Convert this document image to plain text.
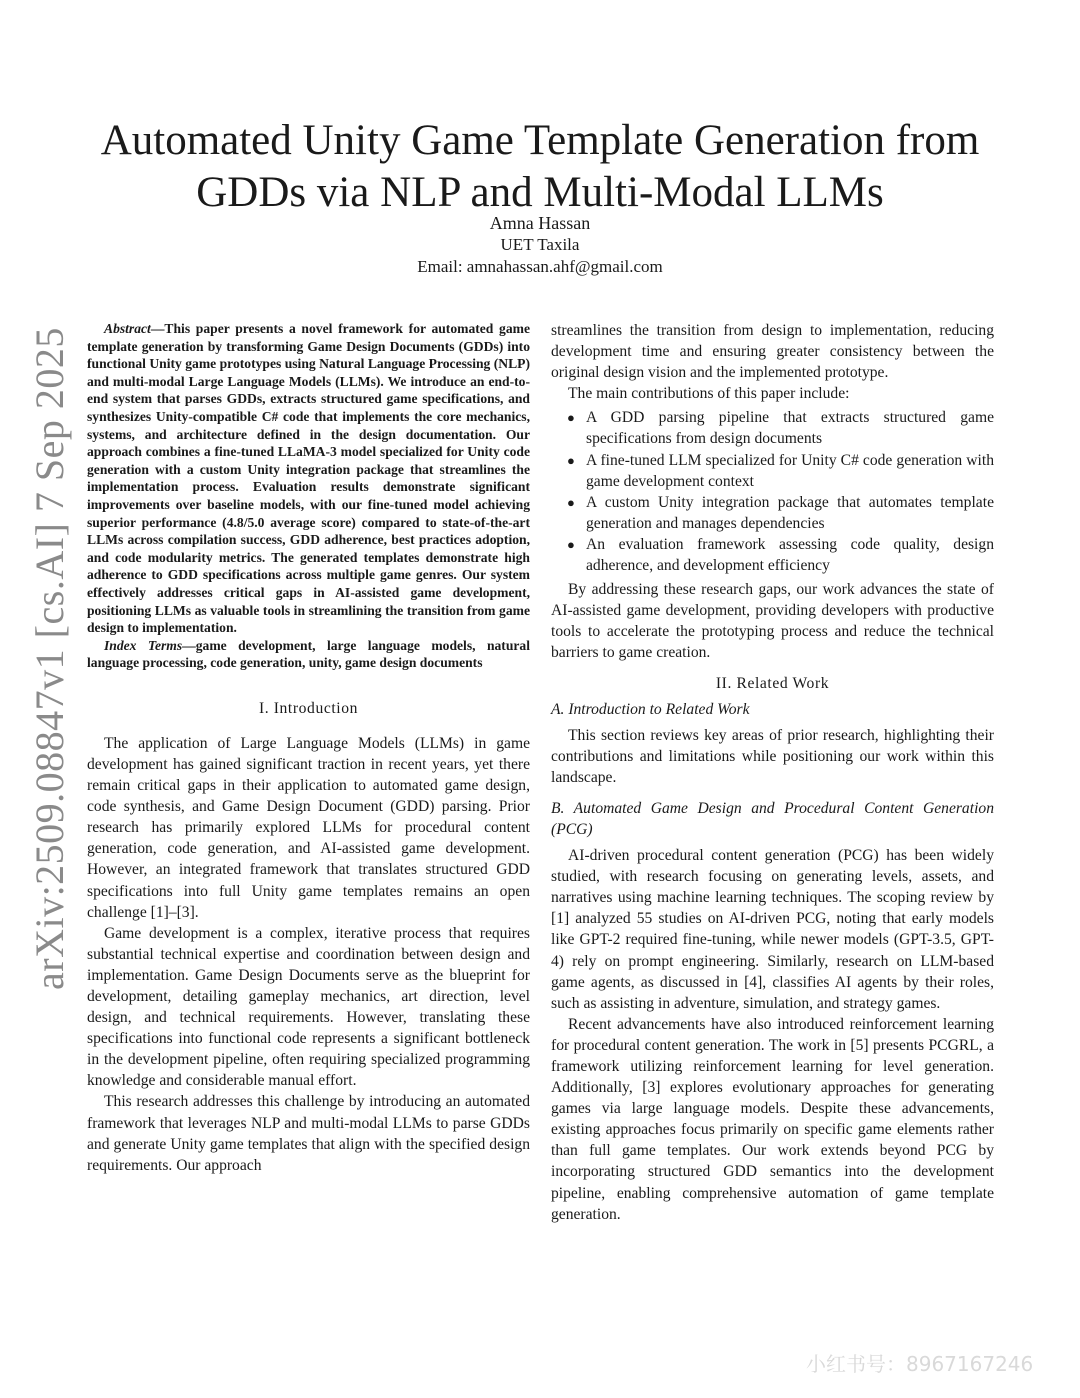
arXiv:2509.08847v1 [cs.AI] 7 Sep 2025
Automated Unity Game Template Generation from GDDs via NLP and Multi-Modal LLMs
Amna Hassan
UET Taxila
Email: amnahassan.ahf@gmail.com

Abstract—This paper presents a novel framework for automated game template generation by transforming Game Design Documents (GDDs) into functional Unity game prototypes using Natural Language Processing (NLP) and multi-modal Large Language Models (LLMs). We introduce an end-to-end system that parses GDDs, extracts structured game specifications, and synthesizes Unity-compatible C# code that implements the core mechanics, systems, and architecture defined in the design documentation. Our approach combines a fine-tuned LLaMA-3 model specialized for Unity code generation with a custom Unity integration package that streamlines the implementation process. Evaluation results demonstrate significant improvements over baseline models, with our fine-tuned model achieving superior performance (4.8/5.0 average score) compared to state-of-the-art LLMs across compilation success, GDD adherence, best practices adoption, and code modularity metrics. The generated templates demonstrate high adherence to GDD specifications across multiple game genres. Our system effectively addresses critical gaps in AI-assisted game development, positioning LLMs as valuable tools in streamlining the transition from game design to implementation.

Index Terms—game development, large language models, natural language processing, code generation, unity, game design documents

I. Introduction

The application of Large Language Models (LLMs) in game development has gained significant traction in recent years, yet there remain critical gaps in their application to automated game design, code synthesis, and Game Design Document (GDD) parsing. Prior research has primarily explored LLMs for procedural content generation, code generation, and AI-assisted game development. However, an integrated framework that translates structured GDD specifications into full Unity game templates remains an open challenge [1]–[3].

Game development is a complex, iterative process that requires substantial technical expertise and coordination between design and implementation. Game Design Documents serve as the blueprint for development, detailing gameplay mechanics, art direction, level design, and technical requirements. However, translating these specifications into functional code represents a significant bottleneck in the development pipeline, often requiring specialized programming knowledge and considerable manual effort.

This research addresses this challenge by introducing an automated framework that leverages NLP and multi-modal LLMs to parse GDDs and generate Unity game templates that align with the specified design requirements. Our approach

streamlines the transition from design to implementation, reducing development time and ensuring greater consistency between the original design vision and the implemented prototype.

The main contributions of this paper include:

● A GDD parsing pipeline that extracts structured game specifications from design documents
● A fine-tuned LLM specialized for Unity C# code generation with game development context
● A custom Unity integration package that automates template generation and manages dependencies
● An evaluation framework assessing code quality, design adherence, and development efficiency

By addressing these research gaps, our work advances the state of AI-assisted game development, providing developers with productive tools to accelerate the prototyping process and reduce the technical barriers to game creation.

II. Related Work
A. Introduction to Related Work

This section reviews key areas of prior research, highlighting their contributions and limitations while positioning our work within this landscape.

B. Automated Game Design and Procedural Content Generation (PCG)

AI-driven procedural content generation (PCG) has been widely studied, with research focusing on generating levels, assets, and narratives using machine learning techniques. The scoping review by [1] analyzed 55 studies on AI-driven PCG, noting that early models like GPT-2 required fine-tuning, while newer models (GPT-3.5, GPT-4) rely on prompt engineering. Similarly, research on LLM-based game agents, as discussed in [4], classifies AI agents by their roles, such as assisting in adventure, simulation, and strategy games.

Recent advancements have also introduced reinforcement learning for procedural content generation. The work in [5] presents PCGRL, a framework utilizing reinforcement learning for level generation. Additionally, [3] explores evolutionary approaches for generating games via large language models. Despite these advancements, existing approaches focus primarily on specific game elements rather than full game templates. Our work extends beyond PCG by incorporating structured GDD semantics into the development pipeline, enabling comprehensive automation of game template generation.

小红书号：8967167246
